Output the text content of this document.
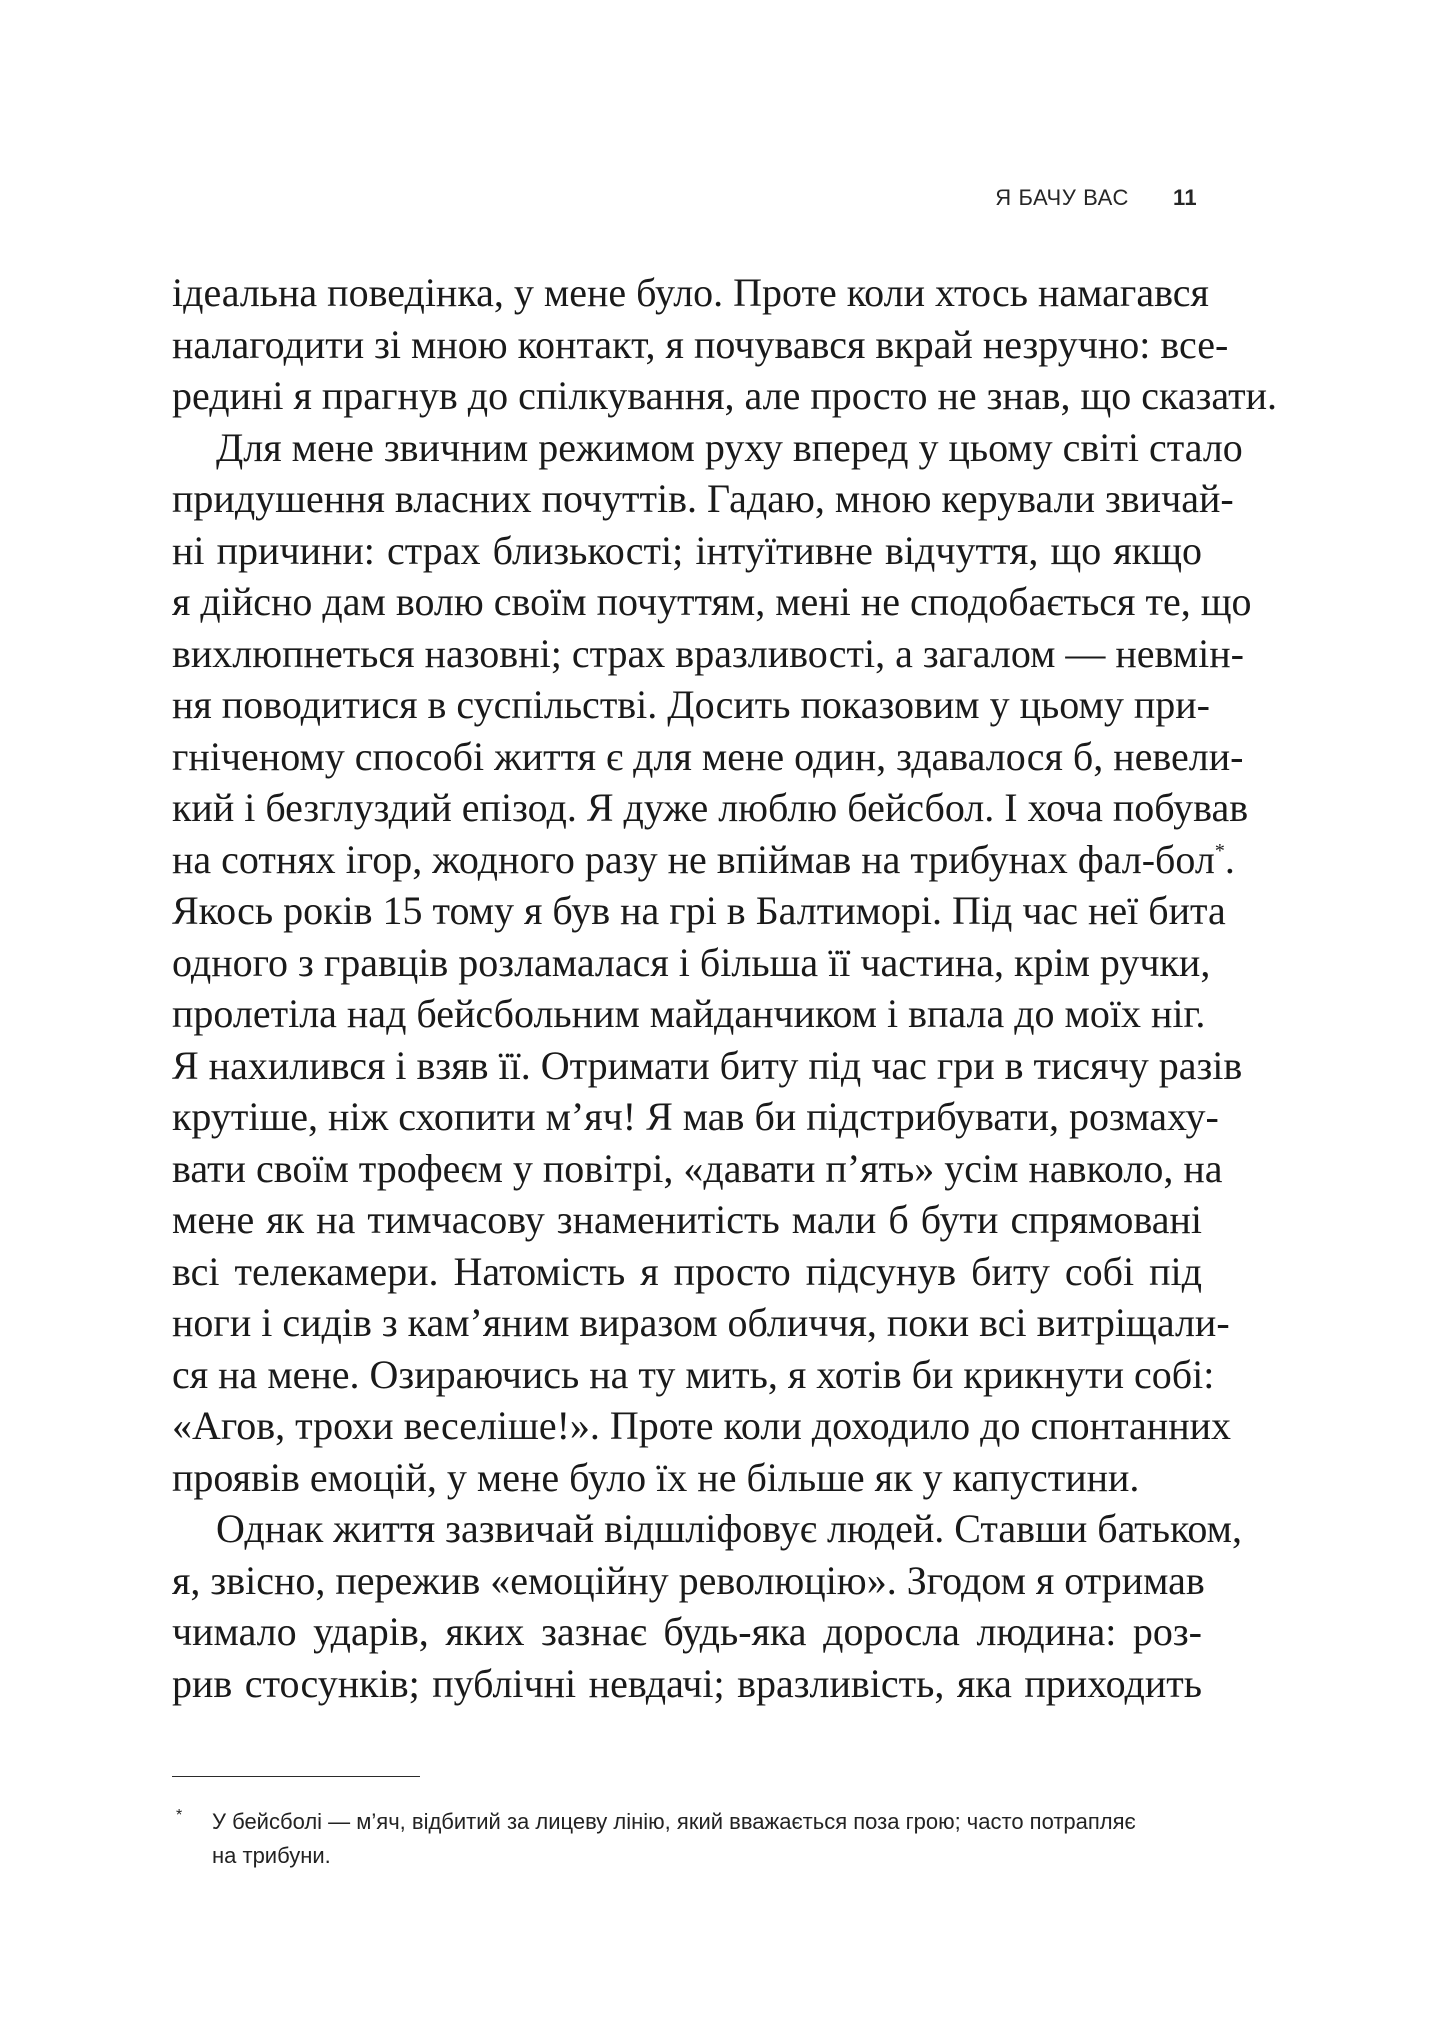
Я БАЧУ ВАС 11
ідеальна поведінка, у мене було. Проте коли хтось намагався
налагодити зі мною контакт, я почувався вкрай незручно: все-
редині я прагнув до спілкування, але просто не знав, що сказати.
Для мене звичним режимом руху вперед у цьому світі стало
придушення власних почуттів. Гадаю, мною керували звичай-
ні причини: страх близькості; інтуїтивне відчуття, що якщо
я дійсно дам волю своїм почуттям, мені не сподобається те, що
вихлюпнеться назовні; страх вразливості, а загалом — невмін-
ня поводитися в суспільстві. Досить показовим у цьому при-
гніченому способі життя є для мене один, здавалося б, невели-
кий і безглуздий епізод. Я дуже люблю бейсбол. І хоча побував
на сотнях ігор, жодного разу не впіймав на трибунах фал-бол*.
Якось років 15 тому я був на грі в Балтиморі. Під час неї бита
одного з гравців розламалася і більша її частина, крім ручки,
пролетіла над бейсбольним майданчиком і впала до моїх ніг.
Я нахилився і взяв її. Отримати биту під час гри в тисячу разів
крутіше, ніж схопити м’яч! Я мав би підстрибувати, розмаху-
вати своїм трофеєм у повітрі, «давати п’ять» усім навколо, на
мене як на тимчасову знаменитість мали б бути спрямовані
всі телекамери. Натомість я просто підсунув биту собі під
ноги і сидів з кам’яним виразом обличчя, поки всі витріщали-
ся на мене. Озираючись на ту мить, я хотів би крикнути собі:
«Агов, трохи веселіше!». Проте коли доходило до спонтанних
проявів емоцій, у мене було їх не більше як у капустини.
Однак життя зазвичай відшліфовує людей. Ставши батьком,
я, звісно, пережив «емоційну революцію». Згодом я отримав
чимало ударів, яких зазнає будь-яка доросла людина: роз-
рив стосунків; публічні невдачі; вразливість, яка приходить
* У бейсболі — м’яч, відбитий за лицеву лінію, який вважається поза грою; часто потрапляє
на трибуни.
